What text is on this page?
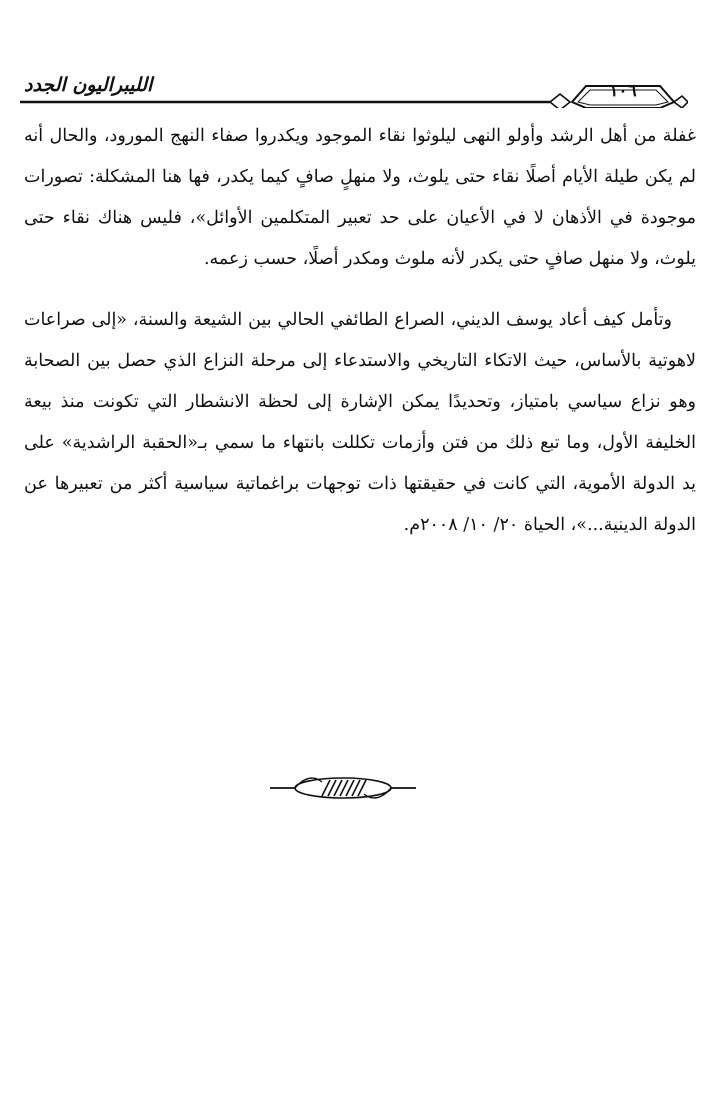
الليبراليون الجدد	١٠٦

غفلة من أهل الرشد وأولو النهى ليلوثوا نقاء الموجود ويكدروا صفاء النهج المورود، والحال أنه لم يكن طيلة الأيام أصلًا نقاء حتى يلوث، ولا منهلٍ صافٍ كيما يكدر، فها هنا المشكلة: تصورات موجودة في الأذهان لا في الأعيان على حد تعبير المتكلمين الأوائل»، فليس هناك نقاء حتى يلوث، ولا منهل صافٍ حتى يكدر لأنه ملوث ومكدر أصلًا، حسب زعمه.

وتأمل كيف أعاد يوسف الديني، الصراع الطائفي الحالي بين الشيعة والسنة، «إلى صراعات لاهوتية بالأساس، حيث الاتكاء التاريخي والاستدعاء إلى مرحلة النزاع الذي حصل بين الصحابة وهو نزاع سياسي بامتياز، وتحديدًا يمكن الإشارة إلى لحظة الانشطار التي تكونت منذ بيعة الخليفة الأول، وما تبع ذلك من فتن وأزمات تكللت بانتهاء ما سمي بـ«الحقبة الراشدية» على يد الدولة الأموية، التي كانت في حقيقتها ذات توجهات براغماتية سياسية أكثر من تعبيرها عن الدولة الدينية...»، الحياة ٢٠/ ١٠/ ٢٠٠٨م.
